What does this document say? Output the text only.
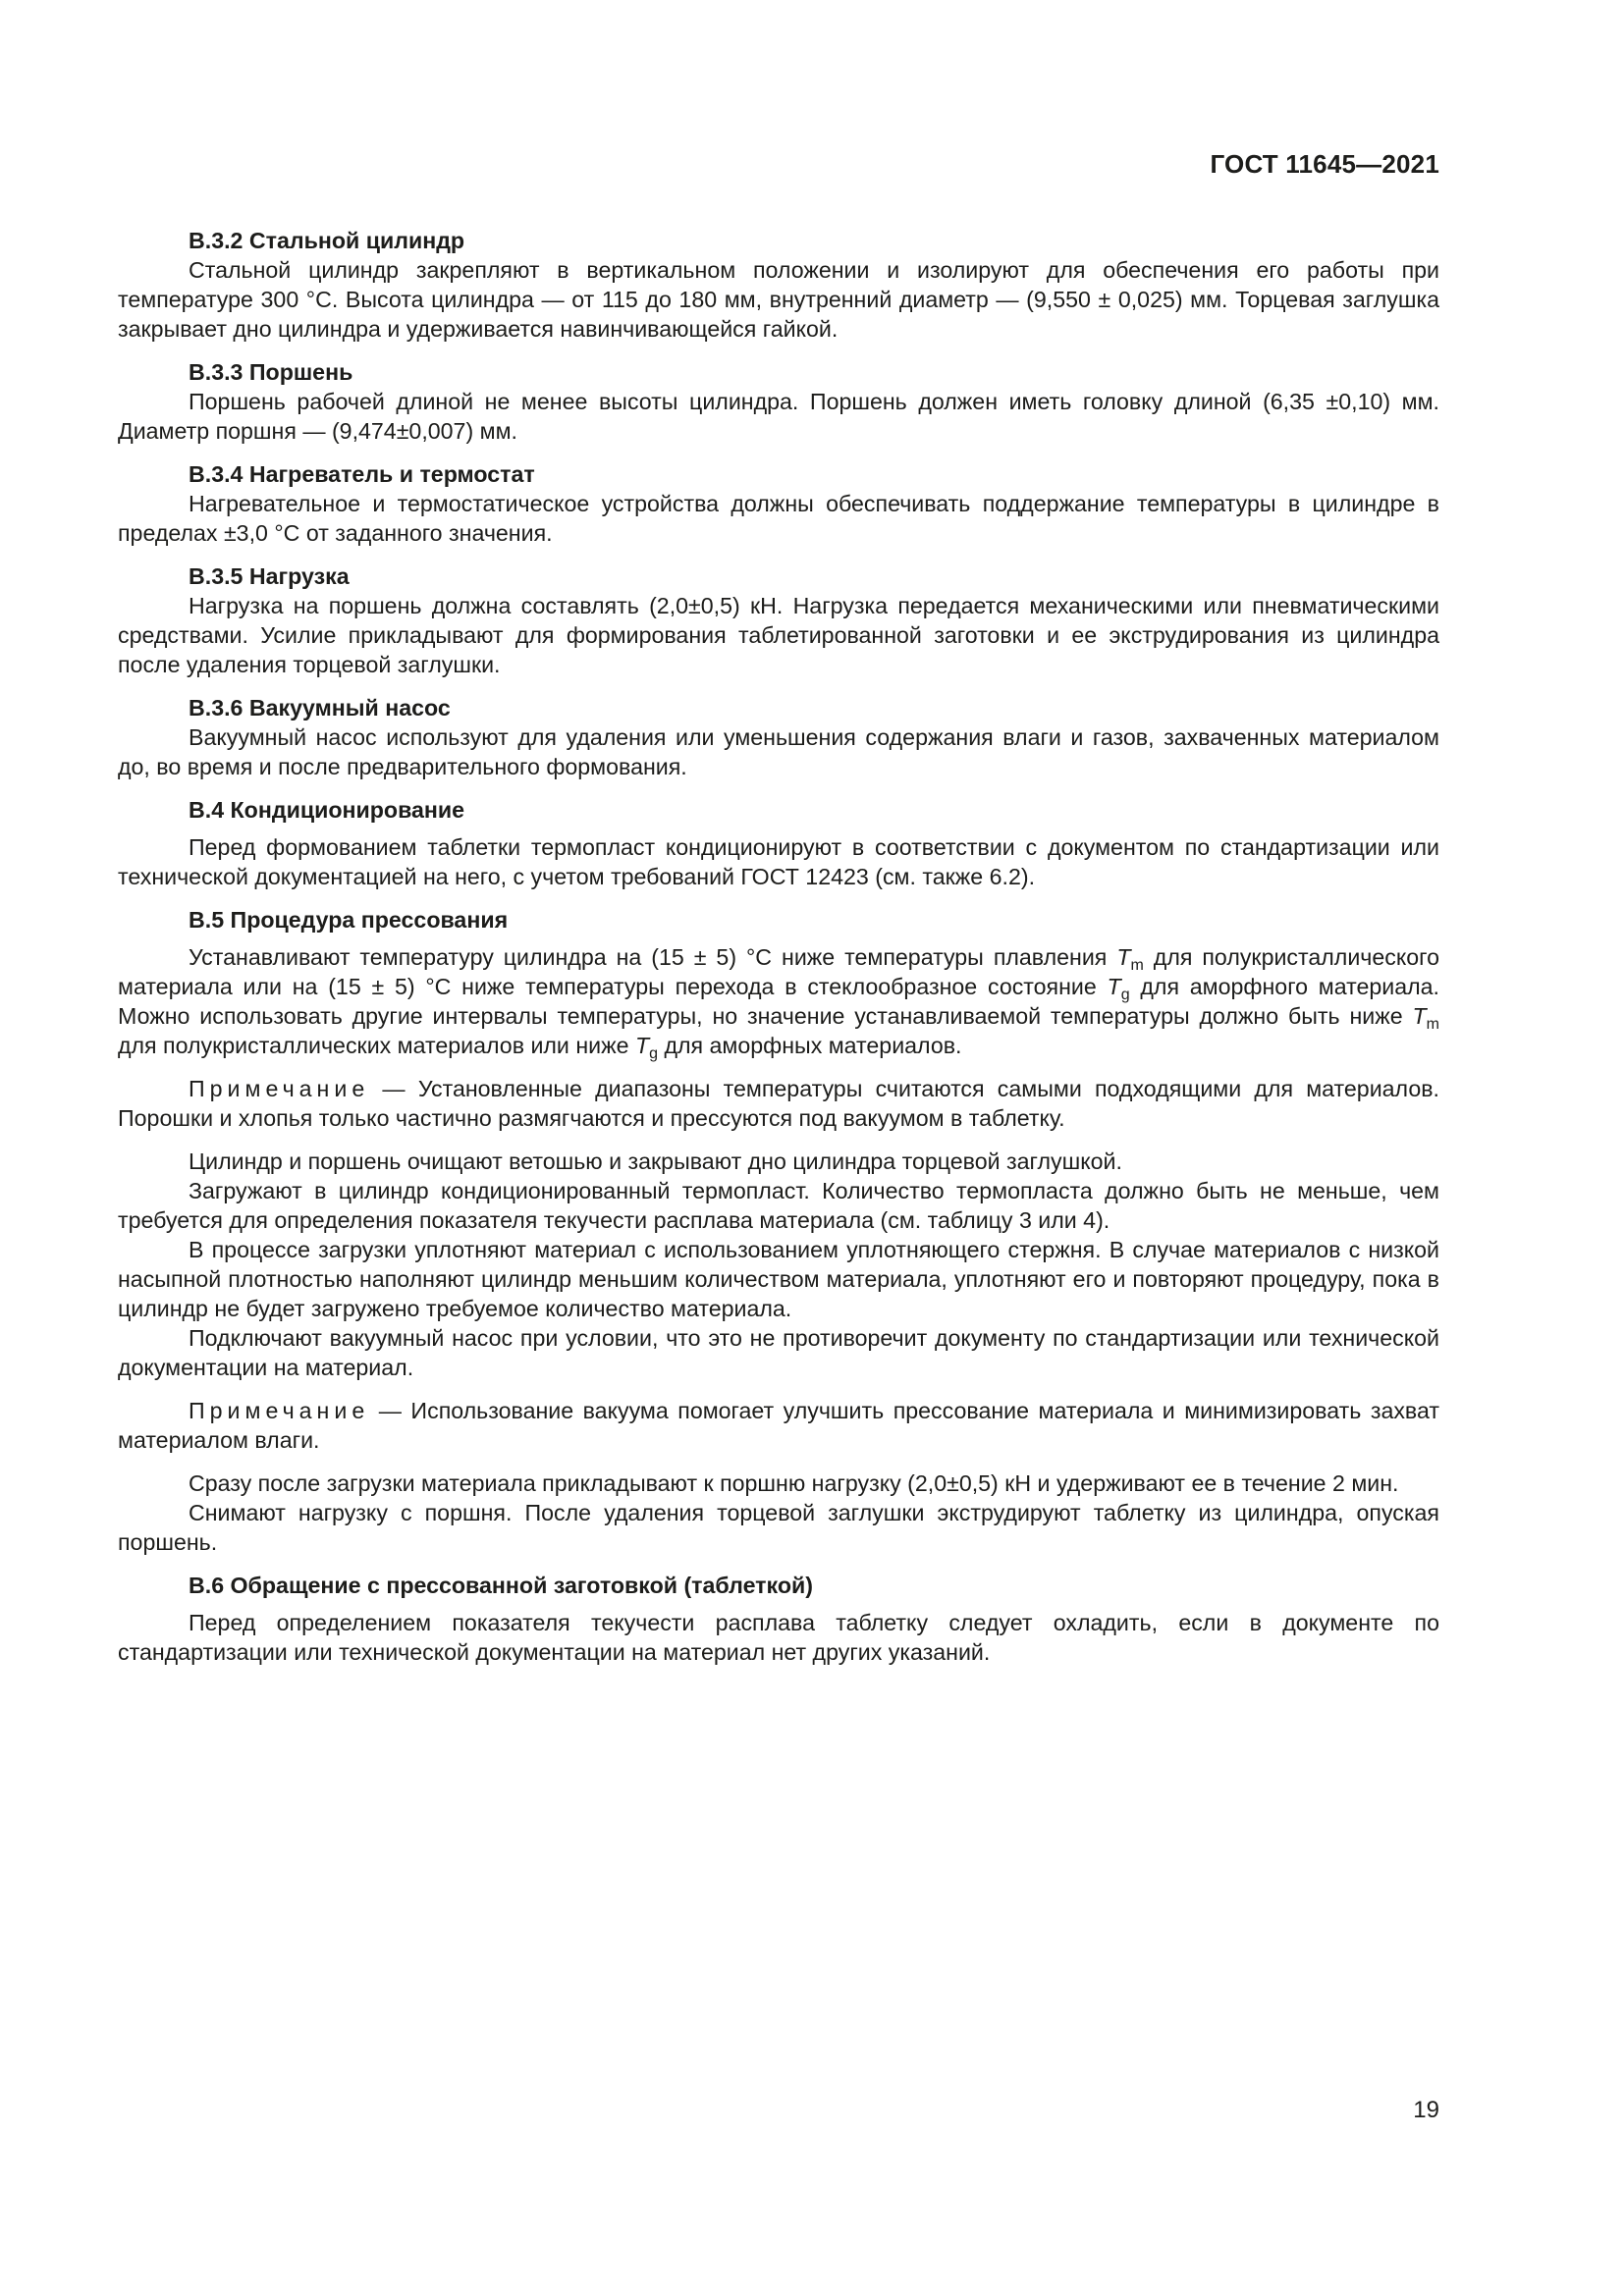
ГОСТ 11645—2021
В.3.2 Стальной цилиндр

Стальной цилиндр закрепляют в вертикальном положении и изолируют для обеспечения его работы при температуре 300 °С. Высота цилиндра — от 115 до 180 мм, внутренний диаметр — (9,550 ± 0,025) мм. Торцевая заглушка закрывает дно цилиндра и удерживается навинчивающейся гайкой.

В.3.3 Поршень

Поршень рабочей длиной не менее высоты цилиндра. Поршень должен иметь головку длиной (6,35 ±0,10) мм. Диаметр поршня — (9,474±0,007) мм.

В.3.4 Нагреватель и термостат

Нагревательное и термостатическое устройства должны обеспечивать поддержание температуры в цилиндре в пределах ±3,0 °С от заданного значения.

В.3.5 Нагрузка

Нагрузка на поршень должна составлять (2,0±0,5) кН. Нагрузка передается механическими или пневматическими средствами. Усилие прикладывают для формирования таблетированной заготовки и ее экструдирования из цилиндра после удаления торцевой заглушки.

В.3.6 Вакуумный насос

Вакуумный насос используют для удаления или уменьшения содержания влаги и газов, захваченных материалом до, во время и после предварительного формования.

В.4 Кондиционирование

Перед формованием таблетки термопласт кондиционируют в соответствии с документом по стандартизации или технической документацией на него, с учетом требований ГОСТ 12423 (см. также 6.2).

В.5 Процедура прессования

Устанавливают температуру цилиндра на (15 ± 5) °С ниже температуры плавления $T_m$ для полукристаллического материала или на (15 ± 5) °С ниже температуры перехода в стеклообразное состояние $T_g$ для аморфного материала. Можно использовать другие интервалы температуры, но значение устанавливаемой температуры должно быть ниже $T_m$ для полукристаллических материалов или ниже $T_g$ для аморфных материалов.

Примечание — Установленные диапазоны температуры считаются самыми подходящими для материалов. Порошки и хлопья только частично размягчаются и прессуются под вакуумом в таблетку.

Цилиндр и поршень очищают ветошью и закрывают дно цилиндра торцевой заглушкой.

Загружают в цилиндр кондиционированный термопласт. Количество термопласта должно быть не меньше, чем требуется для определения показателя текучести расплава материала (см. таблицу 3 или 4).

В процессе загрузки уплотняют материал с использованием уплотняющего стержня. В случае материалов с низкой насыпной плотностью наполняют цилиндр меньшим количеством материала, уплотняют его и повторяют процедуру, пока в цилиндр не будет загружено требуемое количество материала.

Подключают вакуумный насос при условии, что это не противоречит документу по стандартизации или технической документации на материал.

Примечание — Использование вакуума помогает улучшить прессование материала и минимизировать захват материалом влаги.

Сразу после загрузки материала прикладывают к поршню нагрузку (2,0±0,5) кН и удерживают ее в течение 2 мин.

Снимают нагрузку с поршня. После удаления торцевой заглушки экструдируют таблетку из цилиндра, опуская поршень.

В.6 Обращение с прессованной заготовкой (таблеткой)

Перед определением показателя текучести расплава таблетку следует охладить, если в документе по стандартизации или технической документации на материал нет других указаний.

19
